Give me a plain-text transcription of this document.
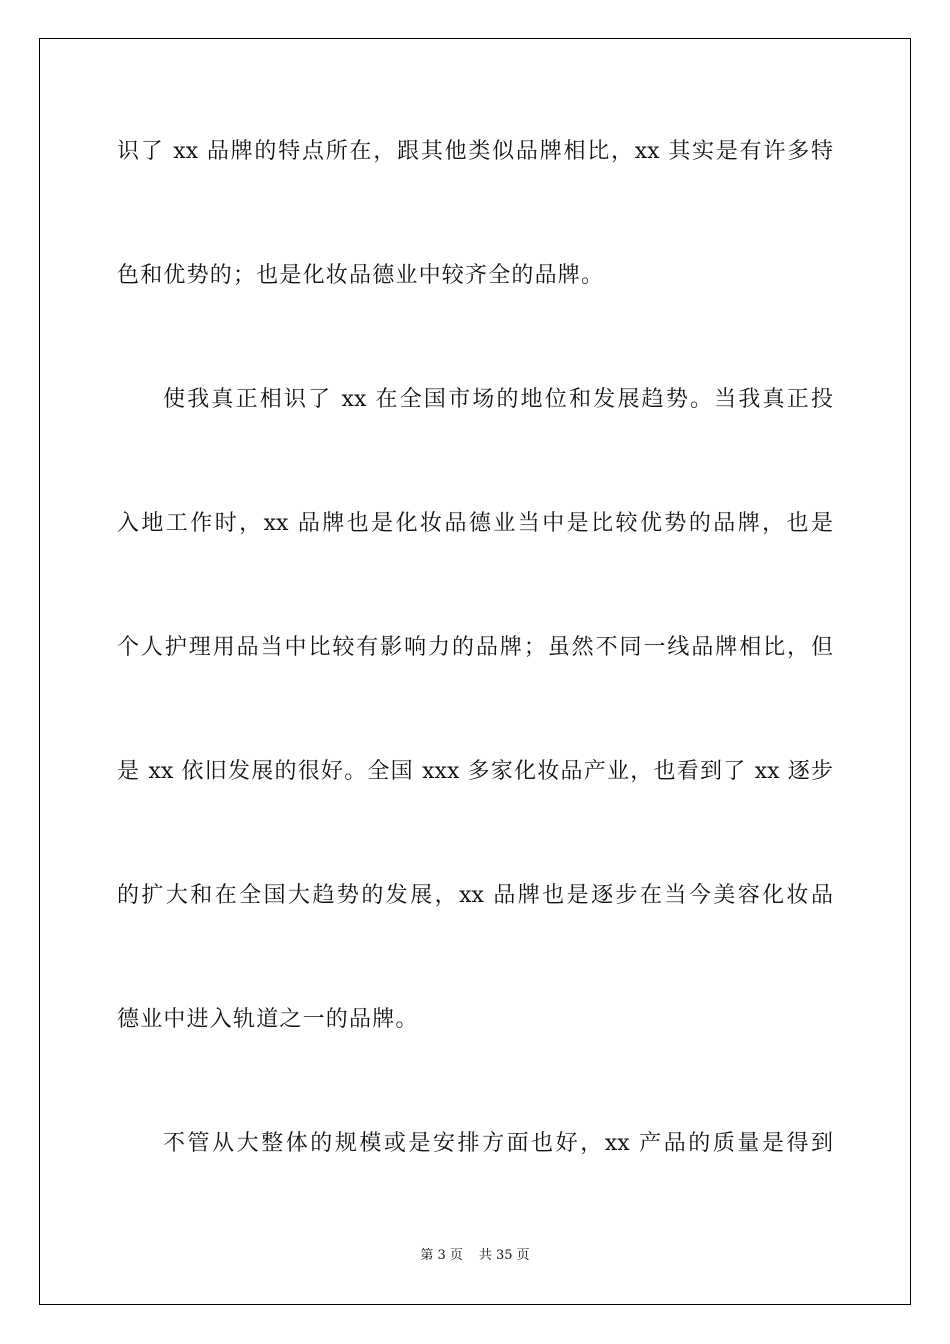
识了 xx 品牌的特点所在，跟其他类似品牌相比，xx 其实是有许多特

色和优势的；也是化妆品德业中较齐全的品牌。

使我真正相识了 xx 在全国市场的地位和发展趋势。当我真正投

入地工作时，xx 品牌也是化妆品德业当中是比较优势的品牌，也是

个人护理用品当中比较有影响力的品牌；虽然不同一线品牌相比，但

是 xx 依旧发展的很好。全国 xxx 多家化妆品产业，也看到了 xx 逐步

的扩大和在全国大趋势的发展，xx 品牌也是逐步在当今美容化妆品

德业中进入轨道之一的品牌。

不管从大整体的规模或是安排方面也好，xx 产品的质量是得到

第 3 页 共 35 页
